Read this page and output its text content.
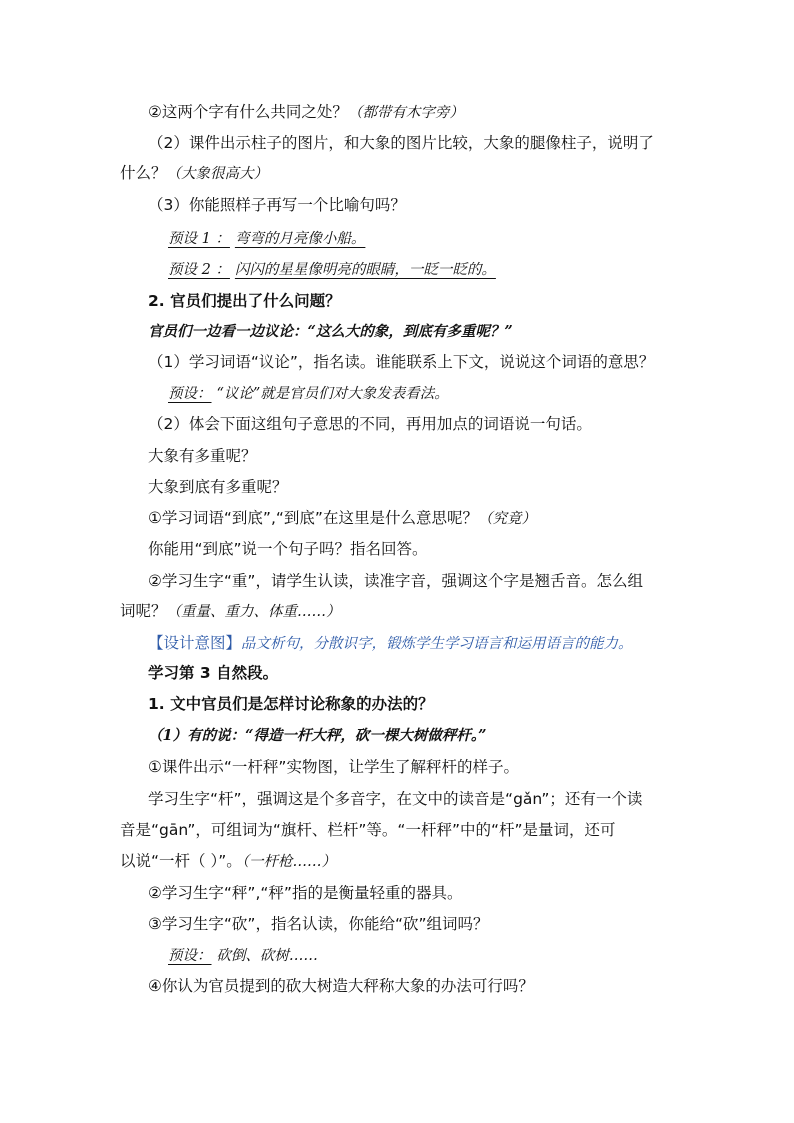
②这两个字有什么共同之处？（都带有木字旁）
（2）课件出示柱子的图片，和大象的图片比较，大象的腿像柱子，说明了
什么？（大象很高大）
（3）你能照样子再写一个比喻句吗？
预设 1 ： 弯弯的月亮像小船。
预设 2 ： 闪闪的星星像明亮的眼睛，一眨一眨的。
2. 官员们提出了什么问题？
官员们一边看一边议论：“这么大的象，到底有多重呢？”
（1）学习词语“议论”，指名读。谁能联系上下文，说说这个词语的意思？
预设： “议论”就是官员们对大象发表看法。
（2）体会下面这组句子意思的不同，再用加点的词语说一句话。
大象有多重呢？
大象到底有多重呢？
①学习词语“到底”,“到底”在这里是什么意思呢？（究竟）
你能用“到底”说一个句子吗？指名回答。
②学习生字“重”，请学生认读，读准字音，强调这个字是翘舌音。怎么组
词呢？（重量、重力、体重……）
【设计意图】品文析句，分散识字，锻炼学生学习语言和运用语言的能力。
学习第 3 自然段。
1. 文中官员们是怎样讨论称象的办法的？
（1）有的说：“得造一杆大秤，砍一棵大树做秤杆。”
①课件出示“一杆秤”实物图，让学生了解秤杆的样子。
学习生字“杆”，强调这是个多音字，在文中的读音是“gǎn”；还有一个读
音是“gān”，可组词为“旗杆、栏杆”等。“一杆秤”中的“杆”是量词，还可
以说“一杆（ ）”。（一杆枪……）
②学习生字“秤”,“秤”指的是衡量轻重的器具。
③学习生字“砍”，指名认读，你能给“砍”组词吗？
预设： 砍倒、砍树……
④你认为官员提到的砍大树造大秤称大象的办法可行吗？
